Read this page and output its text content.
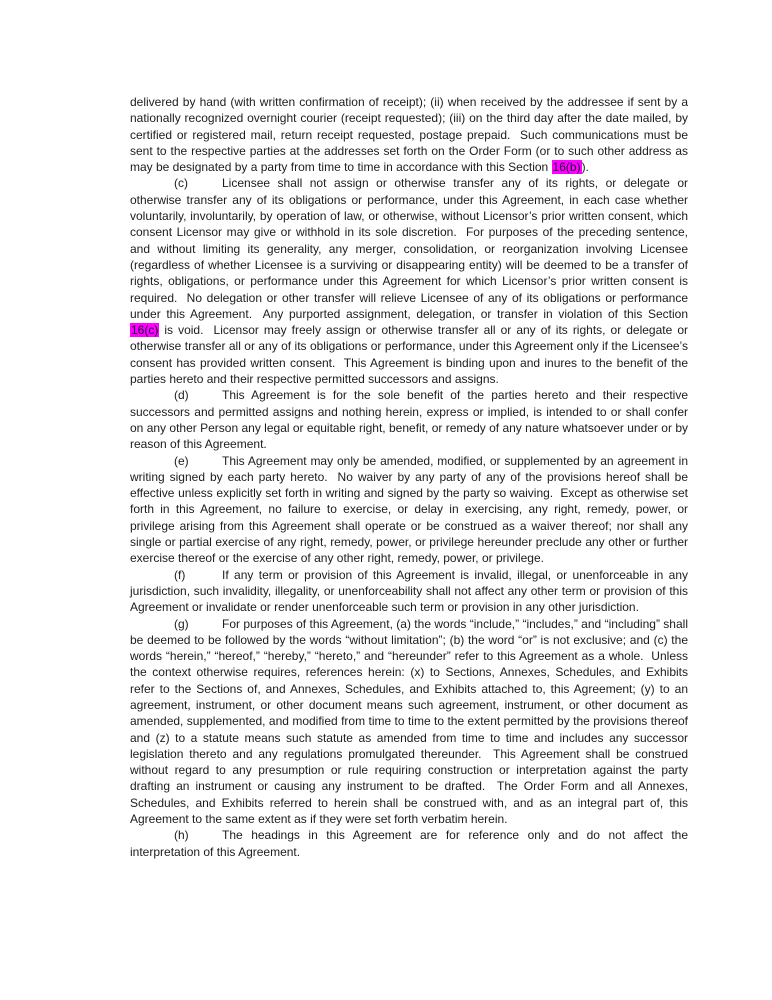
delivered by hand (with written confirmation of receipt); (ii) when received by the addressee if sent by a nationally recognized overnight courier (receipt requested); (iii) on the third day after the date mailed, by certified or registered mail, return receipt requested, postage prepaid.  Such communications must be sent to the respective parties at the addresses set forth on the Order Form (or to such other address as may be designated by a party from time to time in accordance with this Section 16(b)).

(c)	Licensee shall not assign or otherwise transfer any of its rights, or delegate or otherwise transfer any of its obligations or performance, under this Agreement, in each case whether voluntarily, involuntarily, by operation of law, or otherwise, without Licensor’s prior written consent, which consent Licensor may give or withhold in its sole discretion.  For purposes of the preceding sentence, and without limiting its generality, any merger, consolidation, or reorganization involving Licensee (regardless of whether Licensee is a surviving or disappearing entity) will be deemed to be a transfer of rights, obligations, or performance under this Agreement for which Licensor’s prior written consent is required.  No delegation or other transfer will relieve Licensee of any of its obligations or performance under this Agreement.  Any purported assignment, delegation, or transfer in violation of this Section 16(c) is void.  Licensor may freely assign or otherwise transfer all or any of its rights, or delegate or otherwise transfer all or any of its obligations or performance, under this Agreement only if the Licensee’s consent has provided written consent.  This Agreement is binding upon and inures to the benefit of the parties hereto and their respective permitted successors and assigns.

(d)	This Agreement is for the sole benefit of the parties hereto and their respective successors and permitted assigns and nothing herein, express or implied, is intended to or shall confer on any other Person any legal or equitable right, benefit, or remedy of any nature whatsoever under or by reason of this Agreement.

(e)	This Agreement may only be amended, modified, or supplemented by an agreement in writing signed by each party hereto.  No waiver by any party of any of the provisions hereof shall be effective unless explicitly set forth in writing and signed by the party so waiving.  Except as otherwise set forth in this Agreement, no failure to exercise, or delay in exercising, any right, remedy, power, or privilege arising from this Agreement shall operate or be construed as a waiver thereof; nor shall any single or partial exercise of any right, remedy, power, or privilege hereunder preclude any other or further exercise thereof or the exercise of any other right, remedy, power, or privilege.

(f)	If any term or provision of this Agreement is invalid, illegal, or unenforceable in any jurisdiction, such invalidity, illegality, or unenforceability shall not affect any other term or provision of this Agreement or invalidate or render unenforceable such term or provision in any other jurisdiction.

(g)	For purposes of this Agreement, (a) the words “include,” “includes,” and “including” shall be deemed to be followed by the words “without limitation”; (b) the word “or” is not exclusive; and (c) the words “herein,” “hereof,” “hereby,” “hereto,” and “hereunder” refer to this Agreement as a whole.  Unless the context otherwise requires, references herein: (x) to Sections, Annexes, Schedules, and Exhibits refer to the Sections of, and Annexes, Schedules, and Exhibits attached to, this Agreement; (y) to an agreement, instrument, or other document means such agreement, instrument, or other document as amended, supplemented, and modified from time to time to the extent permitted by the provisions thereof and (z) to a statute means such statute as amended from time to time and includes any successor legislation thereto and any regulations promulgated thereunder.  This Agreement shall be construed without regard to any presumption or rule requiring construction or interpretation against the party drafting an instrument or causing any instrument to be drafted.  The Order Form and all Annexes, Schedules, and Exhibits referred to herein shall be construed with, and as an integral part of, this Agreement to the same extent as if they were set forth verbatim herein.

(h)	The headings in this Agreement are for reference only and do not affect the interpretation of this Agreement.
